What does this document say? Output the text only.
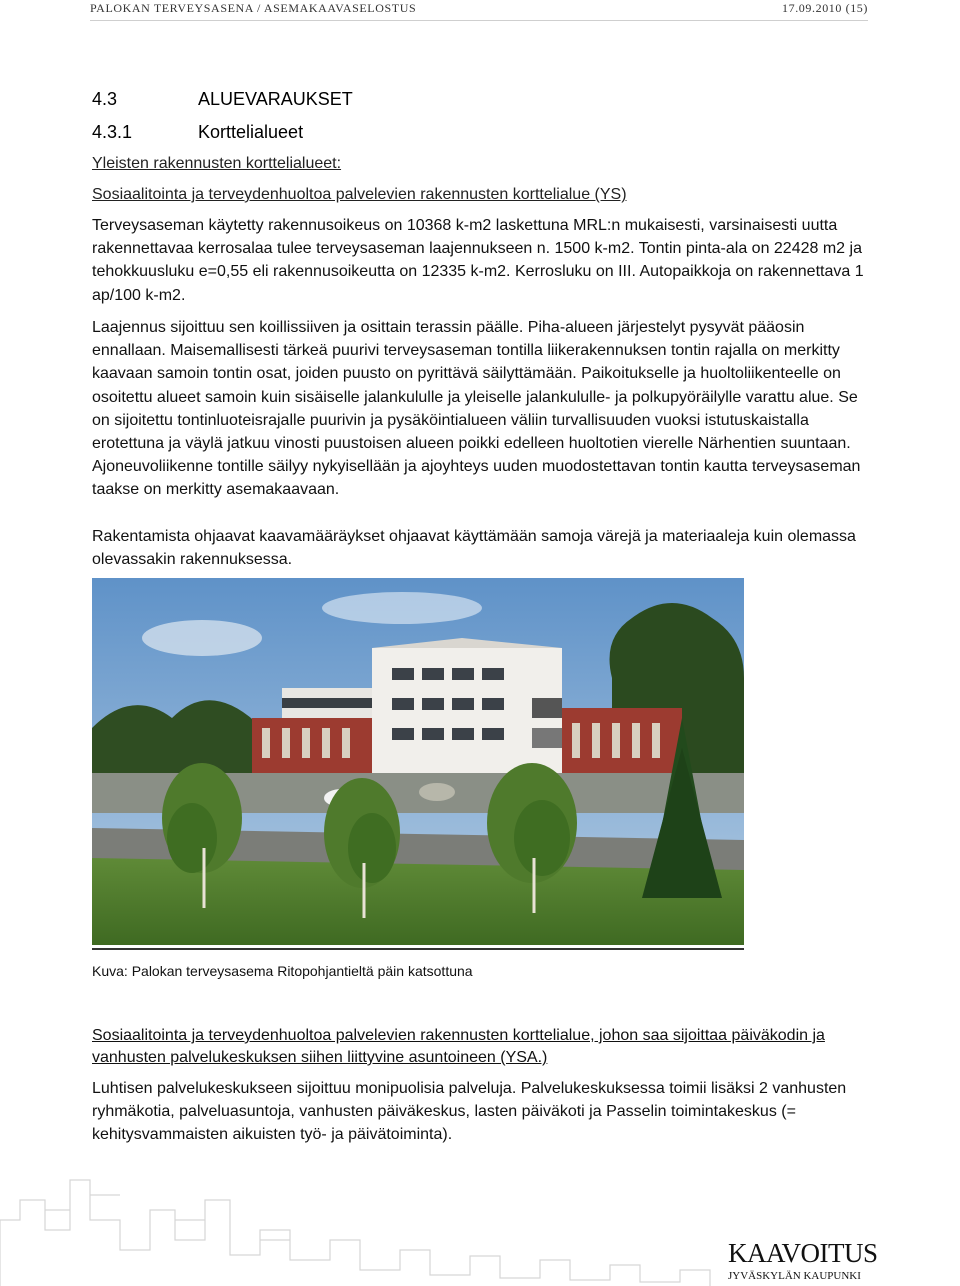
PALOKAN TERVEYSASENA / ASEMAKAAVASELOSTUS	17.09.2010 (15)
4.3	ALUEVARAUKSET
4.3.1	Korttelialueet
Yleisten rakennusten korttelialueet:
Sosiaalitointa ja terveydenhuoltoa palvelevien rakennusten korttelialue (YS)
Terveysaseman käytetty rakennusoikeus on 10368 k-m2 laskettuna MRL:n mukaisesti, varsinaisesti uutta rakennettavaa kerrosalaa tulee terveysaseman laajennukseen n. 1500 k-m2. Tontin pinta-ala on 22428 m2 ja tehokkuusluku e=0,55 eli rakennusoikeutta on 12335 k-m2. Kerrosluku on III. Autopaikkoja on rakennettava 1 ap/100 k-m2.
Laajennus sijoittuu sen koillissiiven ja osittain terassin päälle. Piha-alueen järjestelyt pysyvät pääosin ennallaan. Maisemallisesti tärkeä puurivi terveysaseman tontilla liikerakennuksen tontin rajalla on merkitty kaavaan samoin tontin osat, joiden puusto on pyrittävä säilyttämään. Paikoitukselle ja huoltoliikenteelle on osoitettu alueet samoin kuin sisäiselle jalankululle ja yleiselle jalankululle- ja polkupyöräilylle varattu alue. Se on sijoitettu tontinluoteisrajalle puurivin ja pysäköintialueen väliin turvallisuuden vuoksi istutuskaistalla erotettuna ja väylä jatkuu vinosti puustoisen alueen poikki edelleen huoltotien vierelle Närhentien suuntaan. Ajoneuvoliikenne tontille säilyy nykyisellään ja ajoyhteys uuden muodostettavan tontin kautta terveysaseman taakse on merkitty asemakaavaan.
Rakentamista ohjaavat kaavamääräykset ohjaavat käyttämään samoja värejä ja materiaaleja kuin olemassa olevassakin rakennuksessa.
Kuva: Palokan terveysasema Ritopohjantieltä päin katsottuna
Sosiaalitointa ja terveydenhuoltoa palvelevien rakennusten korttelialue, johon saa sijoittaa päiväkodin ja vanhusten palvelukeskuksen siihen liittyvine asuntoineen (YSA.)
Luhtisen palvelukeskukseen sijoittuu monipuolisia palveluja. Palvelukeskuksessa toimii lisäksi 2 vanhusten ryhmäkotia, palveluasuntoja, vanhusten päiväkeskus, lasten päiväkoti ja Passelin toimintakeskus (= kehitysvammaisten aikuisten työ- ja päivätoiminta).
KAAVOITUS
JYVÄSKYLÄN KAUPUNKI
